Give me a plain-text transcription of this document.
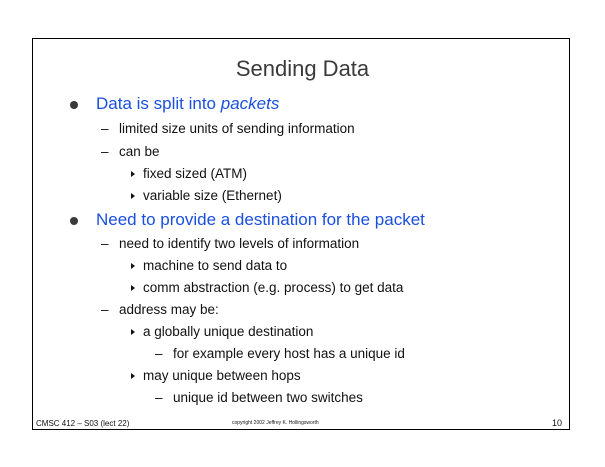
Sending Data
Data is split into packets
– limited size units of sending information
– can be
fixed sized (ATM)
variable size (Ethernet)
Need to provide a destination for the packet
– need to identify two levels of information
machine to send data to
comm abstraction (e.g. process) to get data
– address may be:
a globally unique destination
– for example every host has a unique id
may unique between hops
– unique id between two switches
CMSC 412 – S03 (lect 22)	copyright 2002 Jeffrey K. Hollingsworth	10
